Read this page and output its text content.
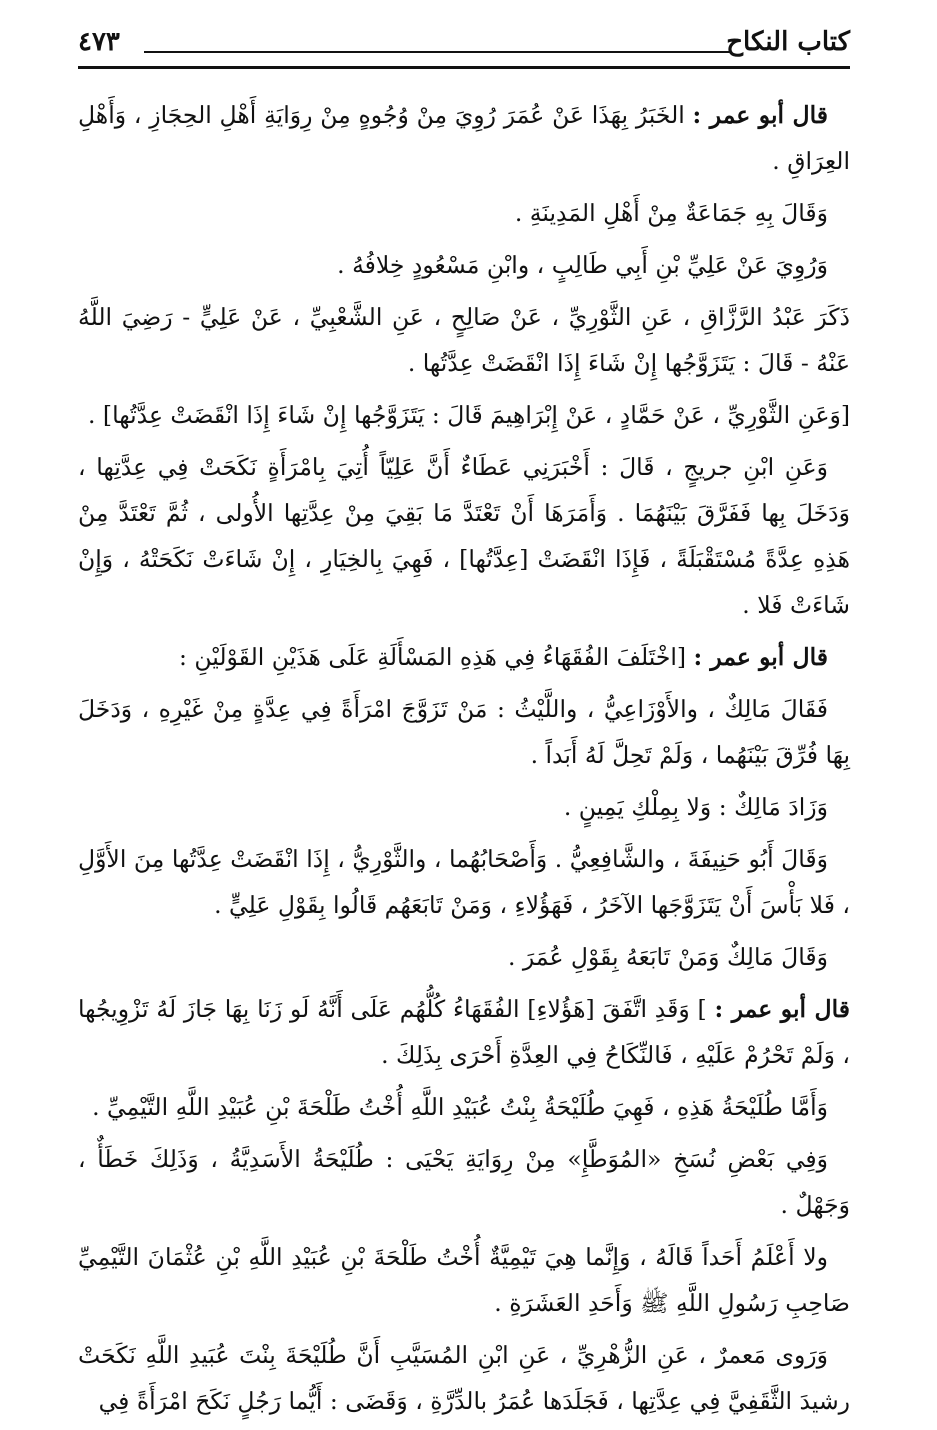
كتاب النكاح
٤٧٣

قال أبو عمر : الخَبَرُ بِهَذَا عَنْ عُمَرَ رُوِيَ مِنْ وُجُوهٍ مِنْ رِوَايَةِ أَهْلِ الحِجَازِ ، وَأَهْلِ العِرَاقِ .

وَقَالَ بِهِ جَمَاعَةٌ مِنْ أَهْلِ المَدِينَةِ .

وَرُوِيَ عَنْ عَلِيِّ بْنِ أَبِي طَالِبٍ ، وابْنِ مَسْعُودٍ خِلافُهُ .

ذَكَرَ عَبْدُ الرَّزَّاقِ ، عَنِ الثَّوْرِيِّ ، عَنْ صَالِحٍ ، عَنِ الشَّعْبِيِّ ، عَنْ عَلِيٍّ - رَضِيَ اللَّهُ عَنْهُ - قَالَ : يَتَزَوَّجُها إِنْ شَاءَ إِذَا انْقَضَتْ عِدَّتُها .

[وَعَنِ الثَّوْرِيِّ ، عَنْ حَمَّادٍ ، عَنْ إِبْرَاهِيمَ قَالَ : يَتَزَوَّجُها إِنْ شَاءَ إِذَا انْقَضَتْ عِدَّتُها] .

وَعَنِ ابْنِ جريجٍ ، قَالَ : أَخْبَرَنِي عَطَاءٌ أَنَّ عَلِيّاً أُتِيَ بِامْرَأَةٍ نَكَحَتْ فِي عِدَّتِها ، وَدَخَلَ بِها فَفَرَّقَ بَيْنَهُمَا . وَأَمَرَهَا أَنْ تَعْتَدَّ مَا بَقِيَ مِنْ عِدَّتِها الأُولى ، ثُمَّ تَعْتَدَّ مِنْ هَذِهِ عِدَّةً مُسْتَقْبَلَةً ، فَإِذَا انْقَضَتْ [عِدَّتُها] ، فَهِيَ بِالخِيَارِ ، إِنْ شَاءَتْ نَكَحَتْهُ ، وَإِنْ شَاءَتْ فَلا .

قال أبو عمر : [اخْتَلَفَ الفُقَهَاءُ فِي هَذِهِ المَسْأَلَةِ عَلَى هَذَيْنِ القَوْلَيْنِ :

فَقَالَ مَالِكٌ ، والأَوْزَاعِيُّ ، واللَّيْثُ : مَنْ تَزَوَّجَ امْرَأَةً فِي عِدَّةٍ مِنْ غَيْرِهِ ، وَدَخَلَ بِهَا فُرِّقَ بَيْنَهُما ، وَلَمْ تَحِلَّ لَهُ أَبَداً .

وَزَادَ مَالِكٌ : وَلا بِمِلْكِ يَمِينٍ .

وَقَالَ أَبُو حَنِيفَةَ ، والشَّافِعِيُّ . وَأَصْحَابُهُما ، والثَّوْرِيُّ ، إِذَا انْقَضَتْ عِدَّتُها مِنَ الأَوَّلِ ، فَلا بَأْسَ أَنْ يَتَزَوَّجَها الآخَرُ ، فَهَؤُلاءِ ، وَمَنْ تَابَعَهُم قَالُوا بِقَوْلِ عَلِيٍّ .

وَقَالَ مَالِكٌ وَمَنْ تَابَعَهُ بِقَوْلِ عُمَرَ .

قال أبو عمر : ] وَقَدِ اتَّفَقَ [هَؤُلاءِ] الفُقَهَاءُ كُلُّهُم عَلَى أَنَّهُ لَو زَنَا بِهَا جَازَ لَهُ تَزْوِيجُها ، وَلَمْ تَحْرُمْ عَلَيْهِ ، فَالنِّكَاحُ فِي العِدَّةِ أَحْرَى بِذَلِكَ .

وَأَمَّا طُلَيْحَةُ هَذِهِ ، فَهِيَ طُلَيْحَةُ بِنْتُ عُبَيْدِ اللَّهِ أُخْتُ طَلْحَةَ بْنِ عُبَيْدِ اللَّهِ التَّيْمِيِّ .

وَفِي بَعْضِ نُسَخِ «المُوَطَّإِ» مِنْ رِوَايَةِ يَحْيَى : طُلَيْحَةُ الأَسَدِيَّةُ ، وَذَلِكَ خَطَأٌ ، وَجَهْلٌ .

ولا أَعْلَمُ أَحَداً قَالَهُ ، وَإِنَّما هِيَ تَيْمِيَّةٌ أُخْتُ طَلْحَةَ بْنِ عُبَيْدِ اللَّهِ بْنِ عُثْمَانَ التَّيْمِيِّ صَاحِبِ رَسُولِ اللَّهِ ﷺ وَأَحَدِ العَشَرَةِ .

وَرَوى مَعمرٌ ، عَنِ الزُّهْرِيِّ ، عَنِ ابْنِ المُسَيَّبِ أَنَّ طُلَيْحَةَ بِنْتَ عُبَيدِ اللَّهِ نَكَحَتْ رشيدَ الثَّقَفِيَّ فِي عِدَّتِها ، فَجَلَدَها عُمَرُ بالدِّرَّةِ ، وَقَضَى : أَيُّما رَجُلٍ نَكَحَ امْرَأَةً فِي
